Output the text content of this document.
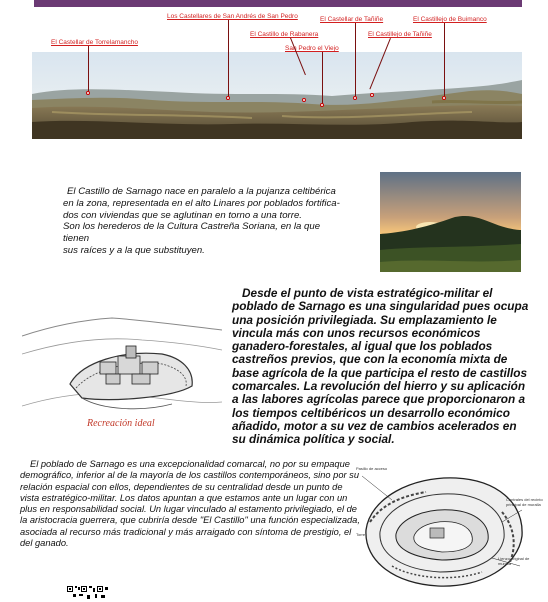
El Castellar de Torrelamancho
Los Castellares de San Andrés de San Pedro	El Castellar de Tañiñe	El Castillejo de Buimanco
El Castillo de Rabanera	El Castillejo de Tañiñe
San Pedro el Viejo

El Castillo de Sarnago nace en paralelo a la pujanza celtibérica

en la zona, representada en el alto Linares por poblados fortifica-

dos con viviendas que se aglutinan en torno a una torre.

Son los herederos de la Cultura Castreña Soriana, en la que tienen

sus raíces y a la que substituyen.

Desde el punto de vista estratégico-militar el poblado de Sarnago es una singularidad pues ocupa una posición privilegiada. Su emplazamiento le vincula más con unos recursos económicos ganadero-forestales, al igual que los poblados castreños previos, que con la economía mixta de base agrícola de la que participa el resto de castillos comarcales. La revolución del hierro y su aplicación a las labores agrícolas parece que proporcionaron a los tiempos celtibéricos un desarrollo económico añadido, motor a su vez de cambios acelerados en su dinámica política y social.

Recreación ideal

El poblado de Sarnago es una excepcionalidad comarcal, no por su empaque demográfico, inferior al de la mayoría de los castillos contemporáneos, sino por su relación espacial con ellos, dependientes de su centralidad desde un punto de vista estratégico-militar. Los datos apuntan a que estamos ante un lugar con un plus en responsabilidad social. Un lugar vinculado al estamento privilegiado, el de la aristocracia guerrera, que cubriría desde "El Castillo" una función especializada, asociada al recurso más tradicional y más arraigado con síntoma de prestigio, el del ganado.

Pasillo de acceso
Torre
Centrales del recinto principal de muralla
Lienzo original de muralla
